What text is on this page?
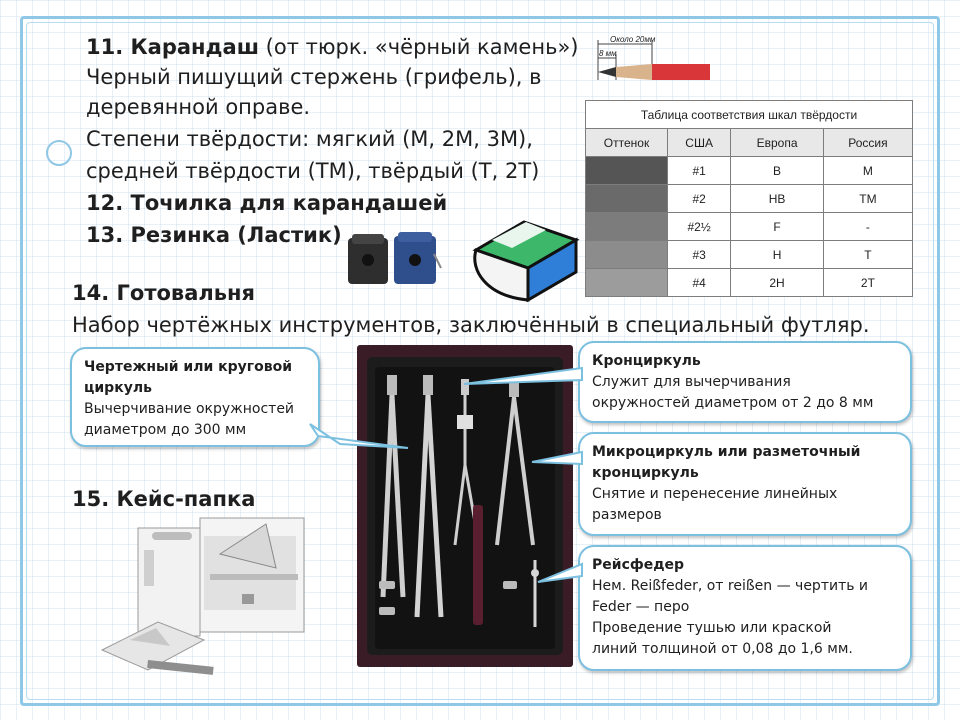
11. Карандаш (от тюрк. «чёрный камень»)
Черный пишущий стержень (грифель), в
деревянной оправе.
Степени твёрдости: мягкий (М, 2М, 3М),
средней твёрдости (ТМ), твёрдый (Т, 2Т)
12. Точилка для карандашей
13. Резинка (Ластик)
Около 20мм
8 мм
Таблица соответствия шкал твёрдости			
Оттенок	США	Европа	Россия
	#1	B	M
	#2	HB	TM
	#2½	F	-
	#3	H	T
	#4	2H	2T
14. Готовальня
Набор чертёжных инструментов, заключённый в специальный футляр.
15. Кейс-папка
Чертежный или круговой
циркуль
Вычерчивание окружностей
диаметром до 300 мм
Кронциркуль
Служит для вычерчивания
окружностей диаметром от 2 до 8 мм
Микроциркуль или разметочный
кронциркуль
Снятие и перенесение линейных
размеров
Рейсфедер
Нем. Reißfeder, от reißen — чертить и
Feder — перо
Проведение тушью или краской
линий толщиной от 0,08 до 1,6 мм.
